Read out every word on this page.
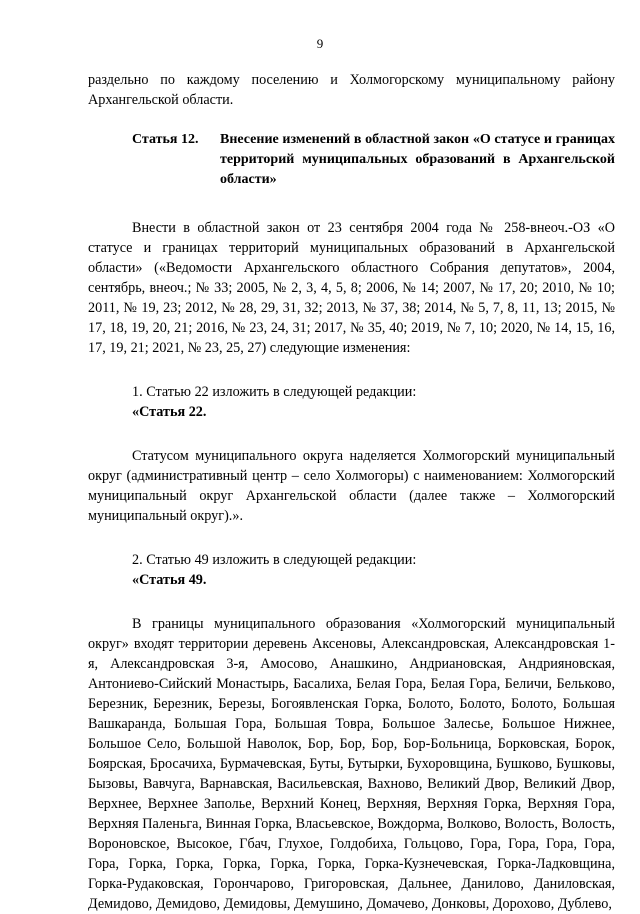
9

раздельно по каждому поселению и Холмогорскому муниципальному району

Архангельской области.

Статья 12.	Внесение изменений в областной закон «О статусе и границах территорий муниципальных образований в Архангельской области»

Внести в областной закон от 23 сентября 2004 года № 258-внеоч.-ОЗ «О статусе и границах территорий муниципальных образований в Архангельской области» («Ведомости Архангельского областного Собрания депутатов», 2004, сентябрь, внеоч.; № 33; 2005, № 2, 3, 4, 5, 8; 2006, № 14; 2007, № 17, 20; 2010, № 10; 2011, № 19, 23; 2012, № 28, 29, 31, 32; 2013, № 37, 38; 2014, № 5, 7, 8, 11, 13; 2015, № 17, 18, 19, 20, 21; 2016, № 23, 24, 31; 2017, № 35, 40; 2019, № 7, 10; 2020, № 14, 15, 16, 17, 19, 21; 2021, № 23, 25, 27) следующие изменения:

1. Статью 22 изложить в следующей редакции:

«Статья 22.

Статусом муниципального округа наделяется Холмогорский муниципальный округ (административный центр – село Холмогоры) с наименованием: Холмогорский муниципальный округ Архангельской области (далее также – Холмогорский муниципальный округ).».

2. Статью 49 изложить в следующей редакции:

«Статья 49.

В границы муниципального образования «Холмогорский муниципальный округ» входят территории деревень Аксеновы, Александровская, Александровская 1-я, Александровская 3-я, Амосово, Анашкино, Андриановская, Андрияновская, Антониево-Сийский Монастырь, Басалиха, Белая Гора, Белая Гора, Беличи, Бельково, Березник, Березник, Березы, Богоявленская Горка, Болото, Болото, Болото, Большая Вашкаранда, Большая Гора, Большая Товра, Большое Залесье, Большое Нижнее, Большое Село, Большой Наволок, Бор, Бор, Бор, Бор-Больница, Борковская, Борок, Боярская, Бросачиха, Бурмачевская, Буты, Бутырки, Бухоровщина, Бушково, Бушковы, Бызовы, Вавчуга, Варнавская, Васильевская, Вахново, Великий Двор, Великий Двор, Верхнее, Верхнее Заполье, Верхний Конец, Верхняя, Верхняя Горка, Верхняя Гора, Верхняя Паленьга, Винная Горка, Власьевское, Вождорма, Волково, Волость, Волость, Вороновское, Высокое, Гбач, Глухое, Голдобиха, Гольцово, Гора, Гора, Гора, Гора, Гора, Горка, Горка, Горка, Горка, Горка, Горка-Кузнечевская, Горка-Ладковщина, Горка-Рудаковская, Горончарово, Григоровская, Дальнее, Данилово, Даниловская, Демидово, Демидово, Демидовы, Демушино, Домачево, Донковы, Дорохово, Дублево,
